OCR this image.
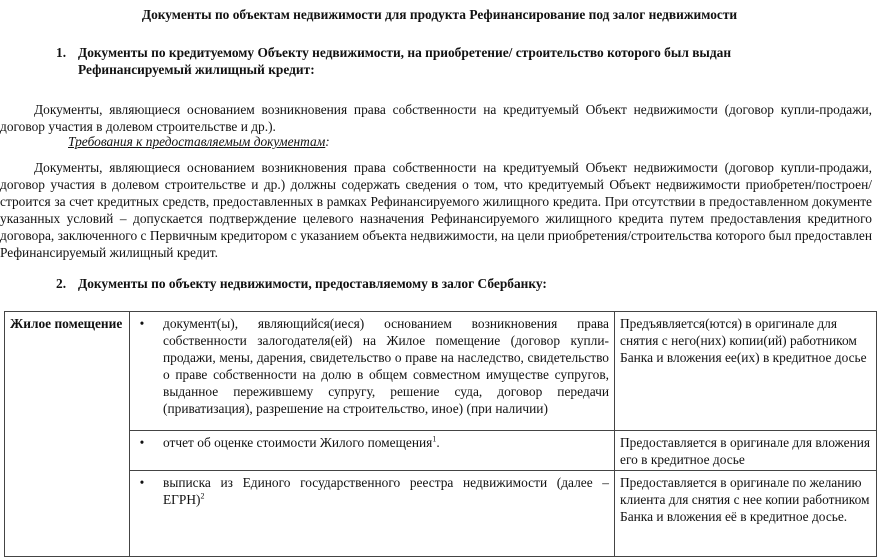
Документы по объектам недвижимости для продукта Рефинансирование под залог недвижимости
1. Документы по кредитуемому Объекту недвижимости, на приобретение/ строительство которого был выдан Рефинансируемый жилищный кредит:

Документы, являющиеся основанием возникновения права собственности на кредитуемый Объект недвижимости (договор купли-продажи, договор участия в долевом строительстве и др.).

Требования к предоставляемым документам:

Документы, являющиеся основанием возникновения права собственности на кредитуемый Объект недвижимости (договор купли-продажи, договор участия в долевом строительстве и др.) должны содержать сведения о том, что кредитуемый Объект недвижимости приобретен/построен/строится за счет кредитных средств, предоставленных в рамках Рефинансируемого жилищного кредита. При отсутствии в предоставленном документе указанных условий – допускается подтверждение целевого назначения Рефинансируемого жилищного кредита путем предоставления кредитного договора, заключенного с Первичным кредитором с указанием объекта недвижимости, на цели приобретения/строительства которого был предоставлен Рефинансируемый жилищный кредит.

2. Документы по объекту недвижимости, предоставляемому в залог Сбербанку:
Жилое помещение	• документ(ы), являющийся(иеся) основанием возникновения права собственности залогодателя(ей) на Жилое помещение (договор купли-продажи, мены, дарения, свидетельство о праве на наследство, свидетельство о праве собственности на долю в общем совместном имуществе супругов, выданное пережившему супругу, решение суда, договор передачи (приватизация), разрешение на строительство, иное) (при наличии)	Предъявляется(ются) в оригинале для снятия с него(них) копии(ий) работником Банка и вложения ее(их) в кредитное досье

	• отчет об оценке стоимости Жилого помещения$^1$.	Предоставляется в оригинале для вложения его в кредитное досье

	• выписка из Единого государственного реестра недвижимости (далее – ЕГРН)$^2$	Предоставляется в оригинале по желанию клиента для снятия с нее копии работником Банка и вложения её в кредитное досье.
